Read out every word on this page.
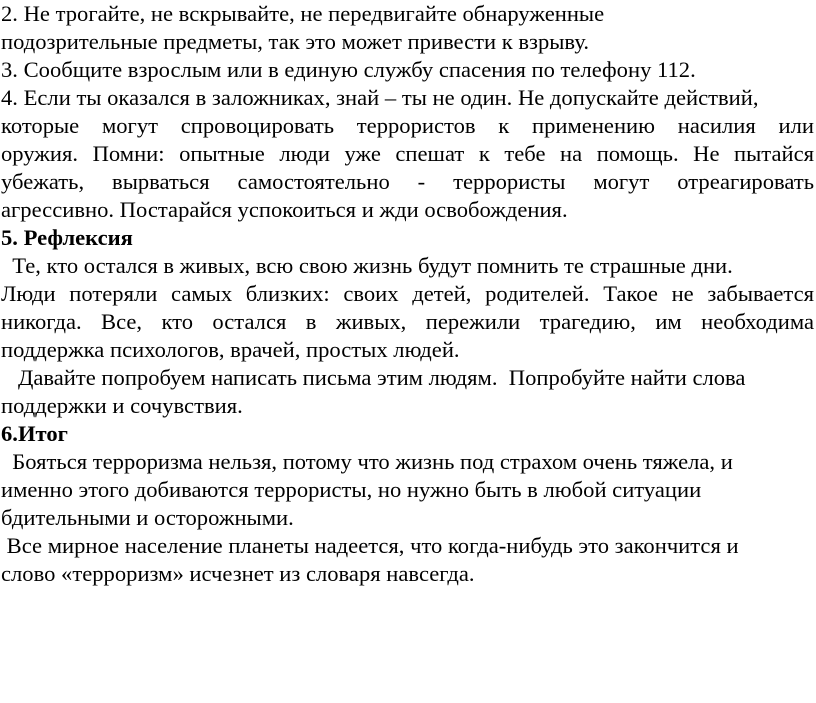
2. Не трогайте, не вскрывайте, не передвигайте обнаруженные
подозрительные предметы, так это может привести к взрыву.
3. Сообщите взрослым или в единую службу спасения по телефону 112.
4. Если ты оказался в заложниках, знай – ты не один. Не допускайте действий,
которые могут спровоцировать террористов к применению насилия или
оружия. Помни: опытные люди уже спешат к тебе на помощь. Не пытайся
убежать, вырваться самостоятельно - террористы могут отреагировать
агрессивно. Постарайся успокоиться и жди освобождения.
5. Рефлексия
Те, кто остался в живых, всю свою жизнь будут помнить те страшные дни.
Люди потеряли самых близких: своих детей, родителей. Такое не забывается
никогда. Все, кто остался в живых, пережили трагедию, им необходима
поддержка психологов, врачей, простых людей.
Давайте попробуем написать письма этим людям.  Попробуйте найти слова
поддержки и сочувствия.
6.Итог
Бояться терроризма нельзя, потому что жизнь под страхом очень тяжела, и
именно этого добиваются террористы, но нужно быть в любой ситуации
бдительными и осторожными.
Все мирное население планеты надеется, что когда-нибудь это закончится и
слово «терроризм» исчезнет из словаря навсегда.
